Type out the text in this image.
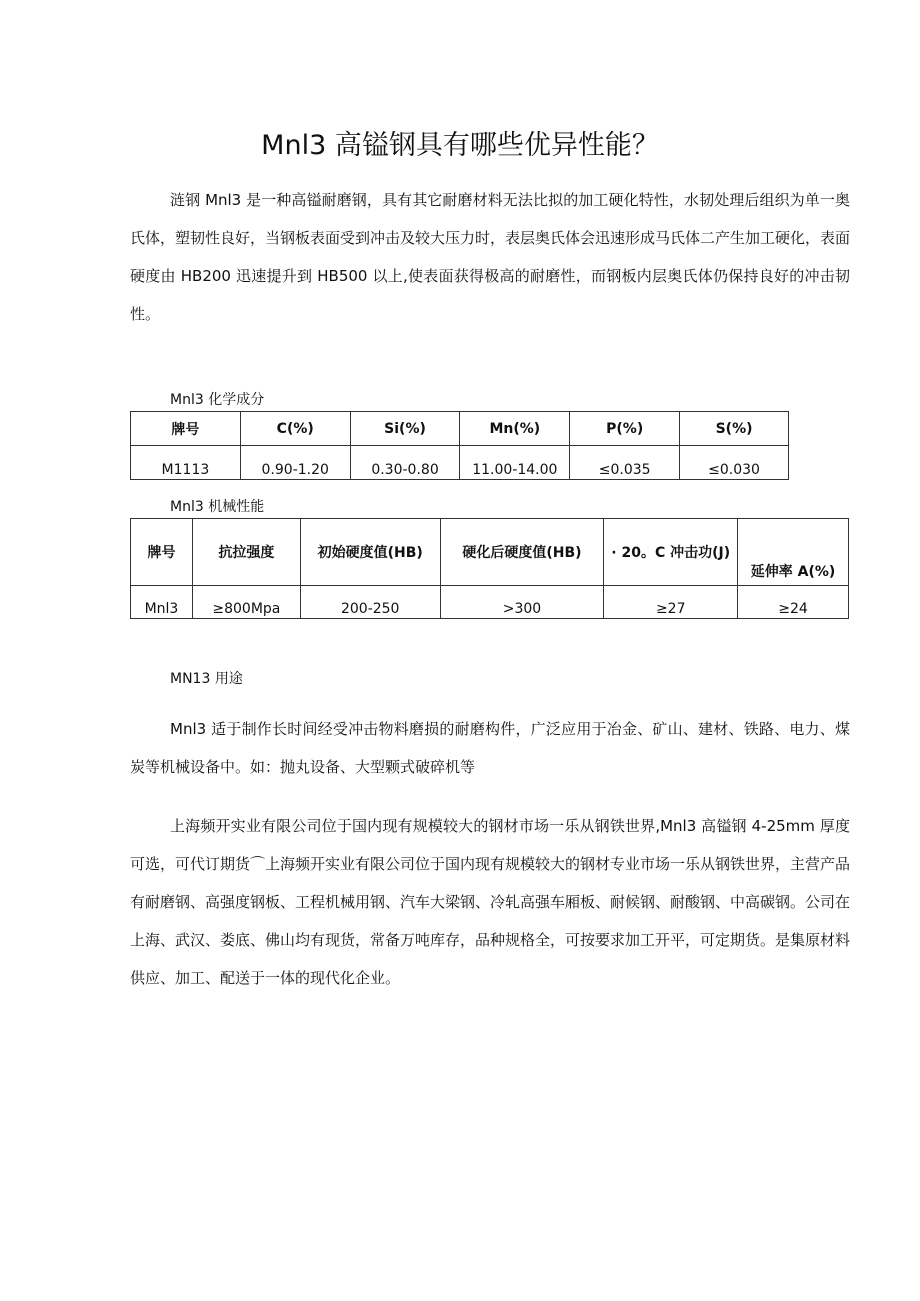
Mnl3 高镒钢具有哪些优异性能？

涟钢 Mnl3 是一种高镒耐磨钢，具有其它耐磨材料无法比拟的加工硬化特性，水韧处理后组织为单一奥氏体，塑韧性良好，当钢板表面受到冲击及较大压力时，表层奥氏体会迅速形成马氏体二产生加工硬化，表面硬度由 HB200 迅速提升到 HB500 以上,使表面获得极高的耐磨性，而钢板内层奥氏体仍保持良好的冲击韧性。

Mnl3 化学成分

牌号	C(%)	Si(%)	Mn(%)	P(%)	S(%)
M1113	0.90-1.20	0.30-0.80	11.00-14.00	≤0.035	≤0.030

Mnl3 机械性能

牌号	抗拉强度	初始硬度值(HB)	硬化后硬度值(HB)	· 20。C 冲击功(J)	延伸率 A(%)
Mnl3	≥800Mpa	200-250	>300	≥27	≥24

MN13 用途

Mnl3 适于制作长时间经受冲击物料磨损的耐磨构件，广泛应用于冶金、矿山、建材、铁路、电力、煤炭等机械设备中。如：抛丸设备、大型颗式破碎机等

上海频开实业有限公司位于国内现有规模较大的钢材市场一乐从钢铁世界,Mnl3 高镒钢 4-25mm 厚度可选，可代订期货⌒上海频开实业有限公司位于国内现有规模较大的钢材专业市场一乐从钢铁世界，主营产品有耐磨钢、高强度钢板、工程机械用钢、汽车大梁钢、冷轧高强车厢板、耐候钢、耐酸钢、中高碳钢。公司在上海、武汉、娄底、佛山均有现货，常备万吨库存，品种规格全，可按要求加工开平，可定期货。是集原材料供应、加工、配送于一体的现代化企业。
